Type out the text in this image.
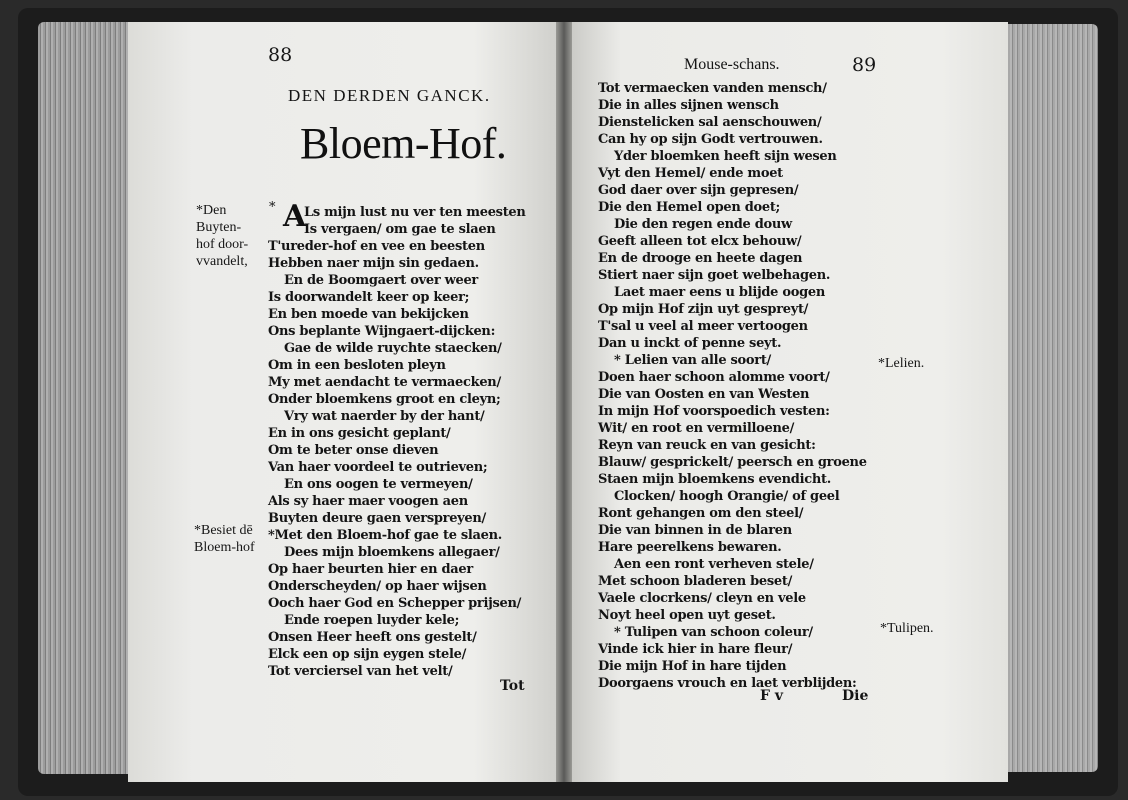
88
DEN DERDEN GANCK.
Bloem-Hof.
*Den
Buyten-
hof door-
vvandelt,
*Besiet dē
Bloem-hof
* A
Ls mijn lust nu ver ten meesten
Is vergaen/ om gae te slaen
T'ureder-hof en vee en beesten
Hebben naer mijn sin gedaen.
En de Boomgaert over weer
Is doorwandelt keer op keer;
En ben moede van bekijcken
Ons beplante Wijngaert-dijcken:
Gae de wilde ruychte staecken/
Om in een besloten pleyn
My met aendacht te vermaecken/
Onder bloemkens groot en cleyn;
Vry wat naerder by der hant/
En in ons gesicht geplant/
Om te beter onse dieven
Van haer voordeel te outrieven;
En ons oogen te vermeyen/
Als sy haer maer voogen aen
Buyten deure gaen verspreyen/
*Met den Bloem-hof gae te slaen.
Dees mijn bloemkens allegaer/
Op haer beurten hier en daer
Onderscheyden/ op haer wijsen
Ooch haer God en Schepper prijsen/
Ende roepen luyder kele;
Onsen Heer heeft ons gestelt/
Elck een op sijn eygen stele/
Tot verciersel van het velt/
Tot
Mouse-schans.	89
Tot vermaecken vanden mensch/
Die in alles sijnen wensch
Dienstelicken sal aenschouwen/
Can hy op sijn Godt vertrouwen.
Yder bloemken heeft sijn wesen
Vyt den Hemel/ ende moet
God daer over sijn gepresen/
Die den Hemel open doet;
Die den regen ende douw
Geeft alleen tot elcx behouw/
En de drooge en heete dagen
Stiert naer sijn goet welbehagen.
Laet maer eens u blijde oogen
Op mijn Hof zijn uyt gespreyt/
T'sal u veel al meer vertoogen
Dan u inckt of penne seyt.
* Lelien van alle soort/
Doen haer schoon alomme voort/
Die van Oosten en van Westen
In mijn Hof voorspoedich vesten:
Wit/ en root en vermilloene/
Reyn van reuck en van gesicht:
Blauw/ gesprickelt/ peersch en groene
Staen mijn bloemkens evendicht.
Clocken/ hoogh Orangie/ of geel
Ront gehangen om den steel/
Die van binnen in de blaren
Hare peerelkens bewaren.
Aen een ront verheven stele/
Met schoon bladeren beset/
Vaele clocrkens/ cleyn en vele
Noyt heel open uyt geset.
* Tulipen van schoon coleur/
Vinde ick hier in hare fleur/
Die mijn Hof in hare tijden
Doorgaens vrouch en laet verblijden:
*Lelien.
*Tulipen.
F v	Die
